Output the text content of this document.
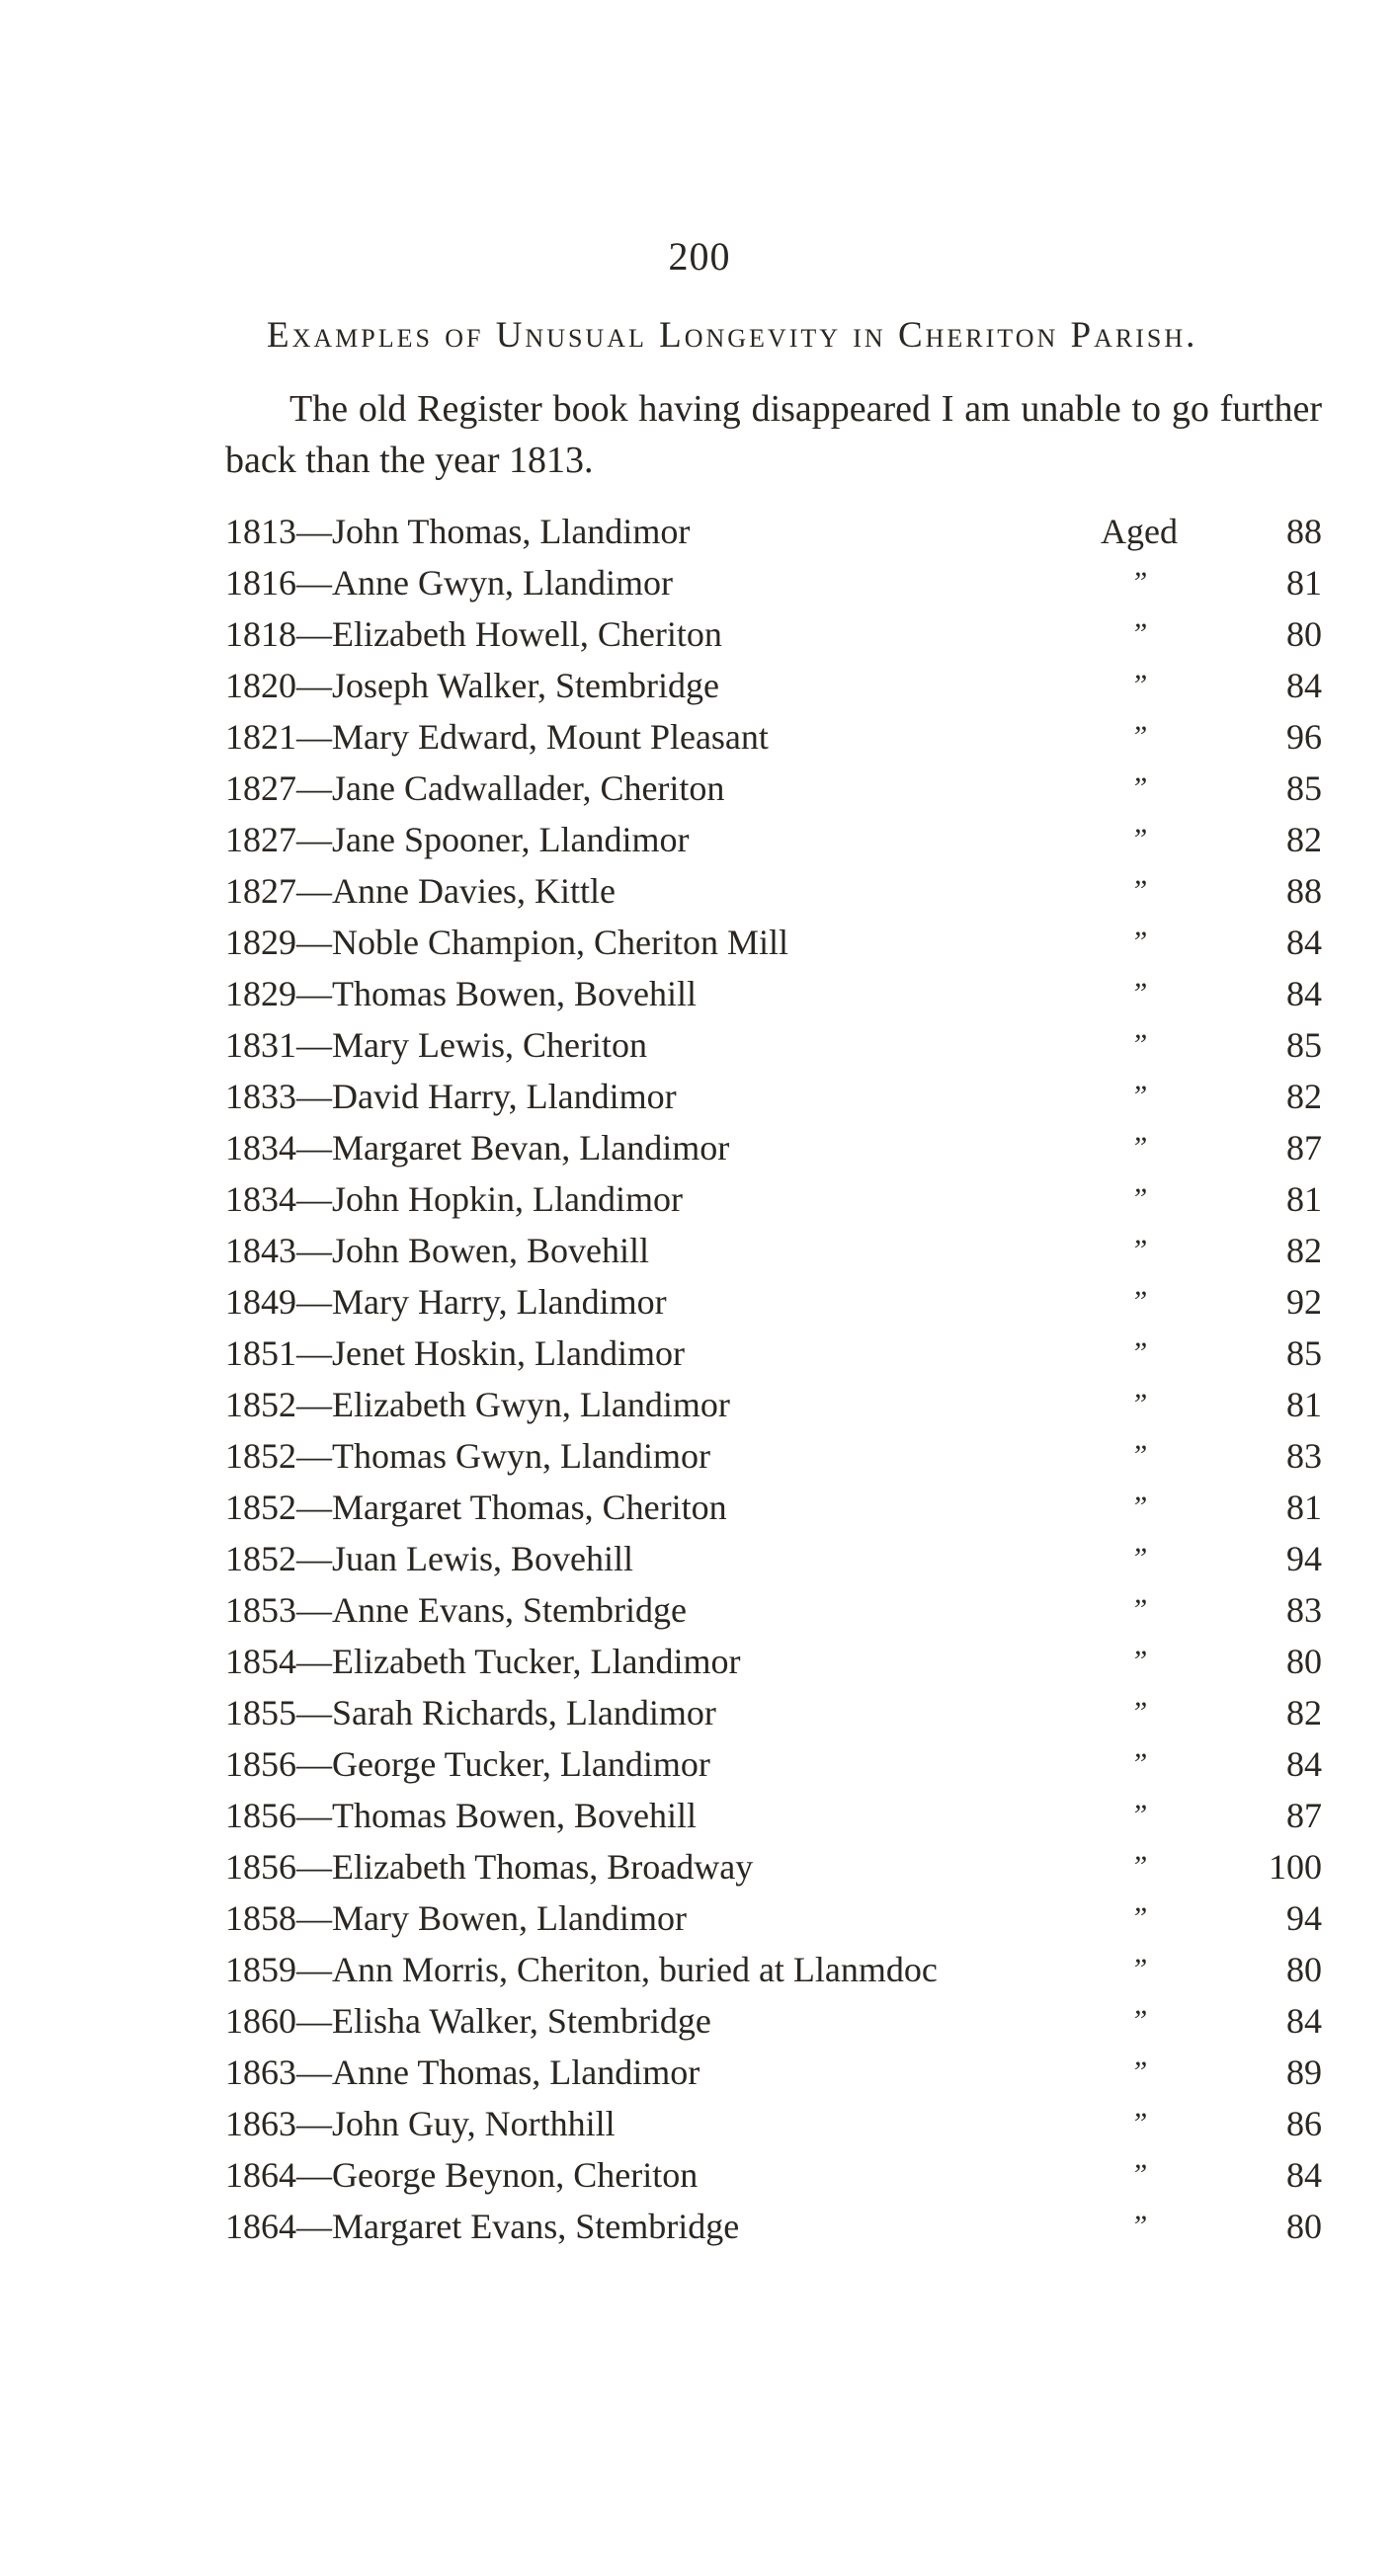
200
Examples of Unusual Longevity in Cheriton Parish.
The old Register book having disappeared I am unable to go further back than the year 1813.
1813—John Thomas, Llandimor	Aged	88
1816—Anne Gwyn, Llandimor	”	81
1818—Elizabeth Howell, Cheriton	”	80
1820—Joseph Walker, Stembridge	”	84
1821—Mary Edward, Mount Pleasant	”	96
1827—Jane Cadwallader, Cheriton	”	85
1827—Jane Spooner, Llandimor	”	82
1827—Anne Davies, Kittle	”	88
1829—Noble Champion, Cheriton Mill	”	84
1829—Thomas Bowen, Bovehill	”	84
1831—Mary Lewis, Cheriton	”	85
1833—David Harry, Llandimor	”	82
1834—Margaret Bevan, Llandimor	”	87
1834—John Hopkin, Llandimor	”	81
1843—John Bowen, Bovehill	”	82
1849—Mary Harry, Llandimor	”	92
1851—Jenet Hoskin, Llandimor	”	85
1852—Elizabeth Gwyn, Llandimor	”	81
1852—Thomas Gwyn, Llandimor	”	83
1852—Margaret Thomas, Cheriton	”	81
1852—Juan Lewis, Bovehill	”	94
1853—Anne Evans, Stembridge	”	83
1854—Elizabeth Tucker, Llandimor	”	80
1855—Sarah Richards, Llandimor	”	82
1856—George Tucker, Llandimor	”	84
1856—Thomas Bowen, Bovehill	”	87
1856—Elizabeth Thomas, Broadway	”	100
1858—Mary Bowen, Llandimor	”	94
1859—Ann Morris, Cheriton, buried at Llanmdoc	”	80
1860—Elisha Walker, Stembridge	”	84
1863—Anne Thomas, Llandimor	”	89
1863—John Guy, Northhill	”	86
1864—George Beynon, Cheriton	”	84
1864—Margaret Evans, Stembridge	”	80
